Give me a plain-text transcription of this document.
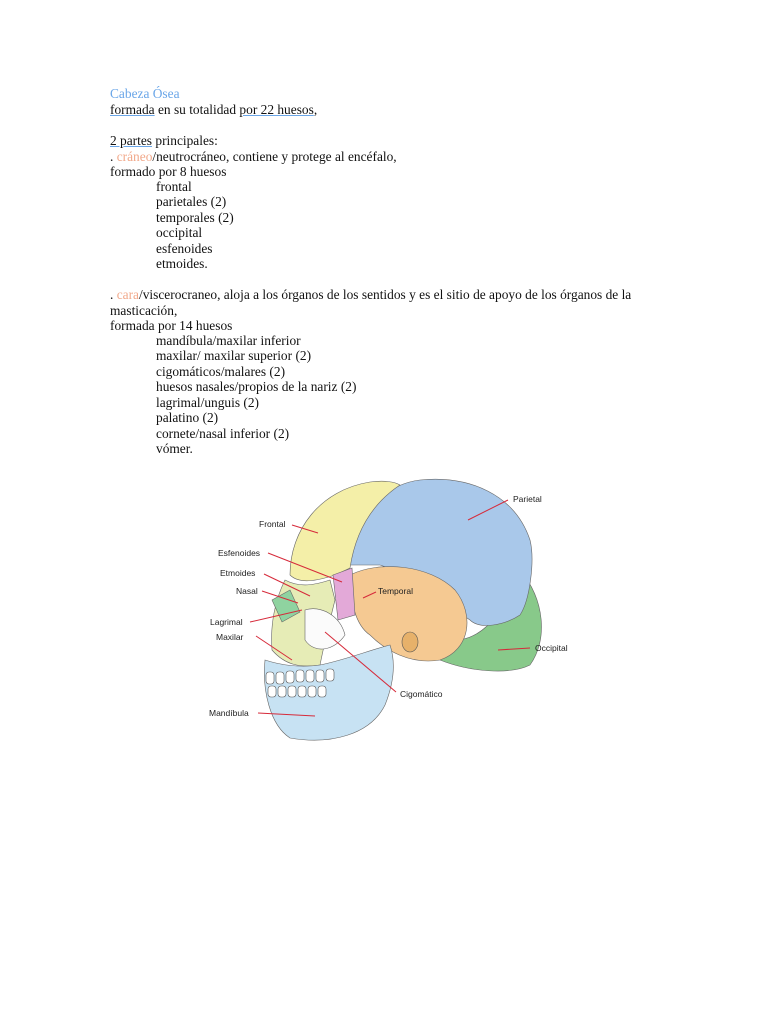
Cabeza Ósea
formada en su totalidad por 22 huesos,
2 partes principales:
. cráneo/neutrocráneo, contiene y protege al encéfalo,
formado por 8 huesos
frontal
parietales (2)
temporales (2)
occipital
esfenoides
etmoides.
. cara/viscerocraneo, aloja a los órganos de los sentidos y es el sitio de apoyo de los órganos de la masticación,
formada por 14 huesos
mandíbula/maxilar inferior
maxilar/ maxilar superior (2)
cigomáticos/malares (2)
huesos nasales/propios de la nariz (2)
lagrimal/unguis (2)
palatino (2)
cornete/nasal inferior (2)
vómer.
Frontal
Esfenoides
Etmoides
Nasal
Lagrimal
Maxilar
Mandíbula
Parietal
Temporal
Occipital
Cigomático
